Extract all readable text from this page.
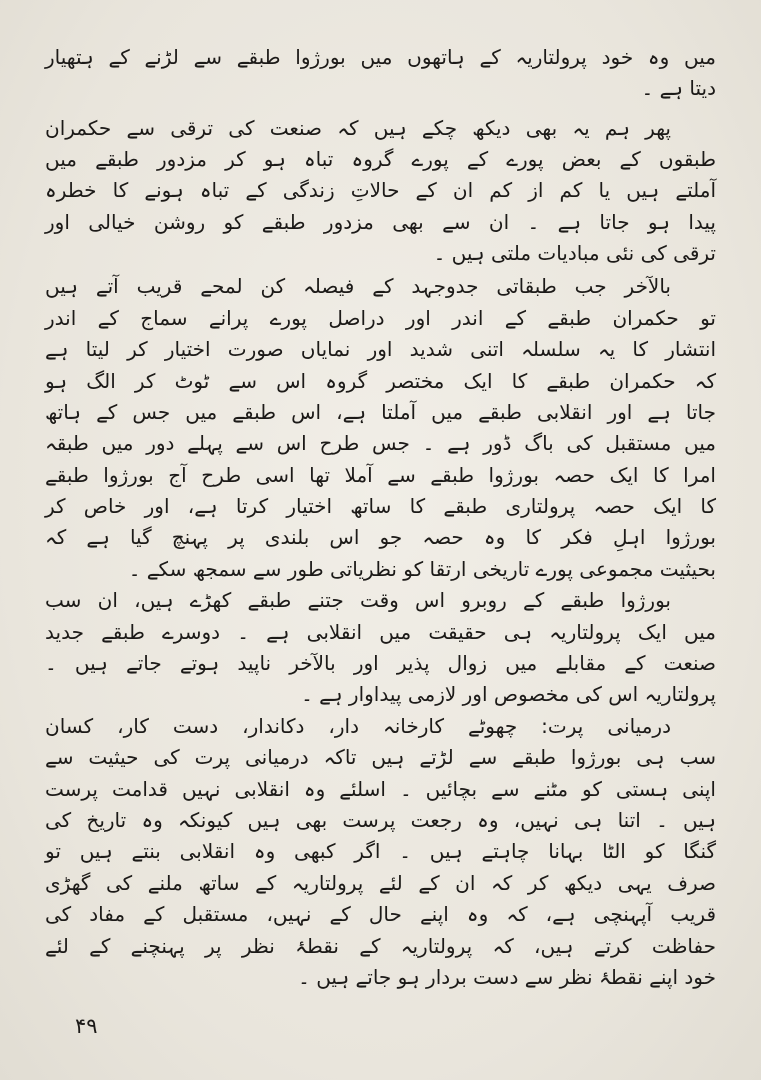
میں وہ خود پرولتاریہ کے ہاتھوں میں بورژوا طبقے سے لڑنے کے ہتھیار
دیتا ہے ۔
پھر ہم یہ بھی دیکھ چکے ہیں کہ صنعت کی ترقی سے حکمران
طبقوں کے بعض پورے کے پورے گروہ تباہ ہو کر مزدور طبقے میں
آملتے ہیں یا کم از کم ان کے حالاتِ زندگی کے تباہ ہونے کا خطرہ
پیدا ہو جاتا ہے ۔ ان سے بھی مزدور طبقے کو روشن خیالی اور
ترقی کی نئی مبادیات ملتی ہیں ۔
بالآخر جب طبقاتی جدوجہد کے فیصلہ کن لمحے قریب آتے ہیں
تو حکمران طبقے کے اندر اور دراصل پورے پرانے سماج کے اندر
انتشار کا یہ سلسلہ اتنی شدید اور نمایاں صورت اختیار کر لیتا ہے
کہ حکمران طبقے کا ایک مختصر گروہ اس سے ٹوٹ کر الگ ہو
جاتا ہے اور انقلابی طبقے میں آملتا ہے، اس طبقے میں جس کے ہاتھ
میں مستقبل کی باگ ڈور ہے ۔ جس طرح اس سے پہلے دور میں طبقہ
امرا کا ایک حصہ بورژوا طبقے سے آملا تھا اسی طرح آج بورژوا طبقے
کا ایک حصہ پرولتاری طبقے کا ساتھ اختیار کرتا ہے، اور خاص کر
بورژوا اہلِ فکر کا وہ حصہ جو اس بلندی پر پہنچ گیا ہے کہ
بحیثیت مجموعی پورے تاریخی ارتقا کو نظریاتی طور سے سمجھ سکے ۔
بورژوا طبقے کے روبرو اس وقت جتنے طبقے کھڑے ہیں، ان سب
میں ایک پرولتاریہ ہی حقیقت میں انقلابی ہے ۔ دوسرے طبقے جدید
صنعت کے مقابلے میں زوال پذیر اور بالآخر ناپید ہوتے جاتے ہیں ۔
پرولتاریہ اس کی مخصوص اور لازمی پیداوار ہے ۔
درمیانی پرت: چھوٹے کارخانہ دار، دکاندار، دست کار، کسان
سب ہی بورژوا طبقے سے لڑتے ہیں تاکہ درمیانی پرت کی حیثیت سے
اپنی ہستی کو مٹنے سے بچائیں ۔ اسلئے وہ انقلابی نہیں قدامت پرست
ہیں ۔ اتنا ہی نہیں، وہ رجعت پرست بھی ہیں کیونکہ وہ تاریخ کی
گنگا کو الٹا بہانا چاہتے ہیں ۔ اگر کبھی وہ انقلابی بنتے ہیں تو
صرف یہی دیکھ کر کہ ان کے لئے پرولتاریہ کے ساتھ ملنے کی گھڑی
قریب آپہنچی ہے، کہ وہ اپنے حال کے نہیں، مستقبل کے مفاد کی
حفاظت کرتے ہیں، کہ پرولتاریہ کے نقطۂ نظر پر پہنچنے کے لئے
خود اپنے نقطۂ نظر سے دست بردار ہو جاتے ہیں ۔
۴۹
